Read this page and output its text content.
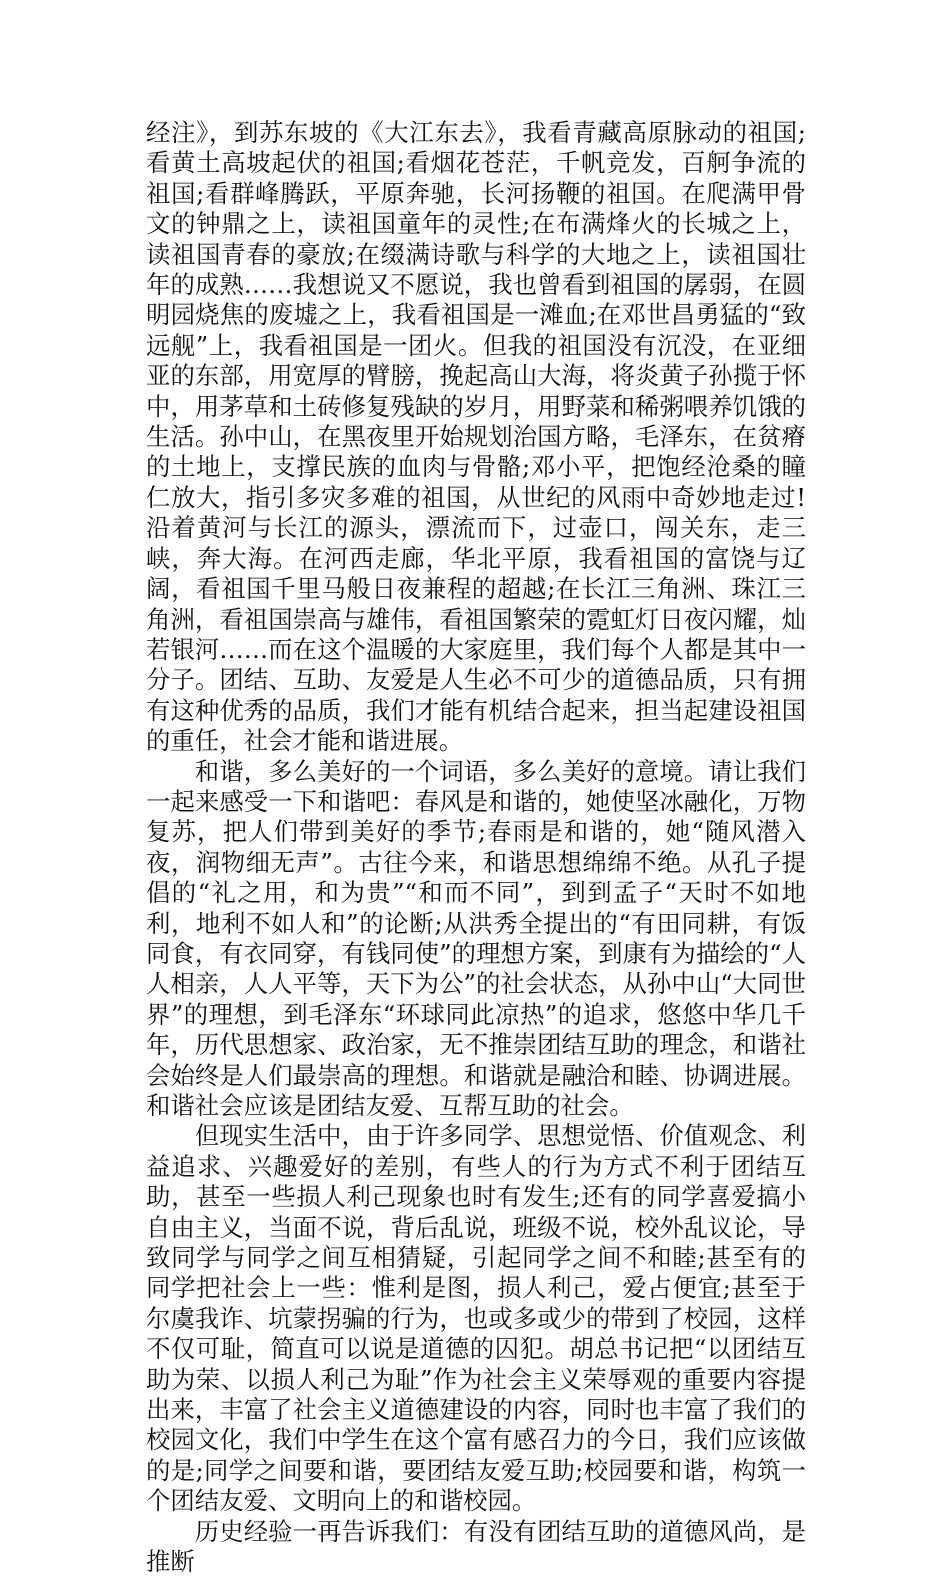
经注》，到苏东坡的《大江东去》，我看青藏高原脉动的祖国;看黄土高坡起伏的祖国;看烟花苍茫，千帆竞发，百舸争流的祖国;看群峰腾跃，平原奔驰，长河扬鞭的祖国。在爬满甲骨文的钟鼎之上，读祖国童年的灵性;在布满烽火的长城之上，读祖国青春的豪放;在缀满诗歌与科学的大地之上，读祖国壮年的成熟……我想说又不愿说，我也曾看到祖国的孱弱，在圆明园烧焦的废墟之上，我看祖国是一滩血;在邓世昌勇猛的“致远舰”上，我看祖国是一团火。但我的祖国没有沉没，在亚细亚的东部，用宽厚的臂膀，挽起高山大海，将炎黄子孙揽于怀中，用茅草和土砖修复残缺的岁月，用野菜和稀粥喂养饥饿的生活。孙中山，在黑夜里开始规划治国方略，毛泽东，在贫瘠的土地上，支撑民族的血肉与骨骼;邓小平，把饱经沧桑的瞳仁放大，指引多灾多难的祖国，从世纪的风雨中奇妙地走过!沿着黄河与长江的源头，漂流而下，过壶口，闯关东，走三峡，奔大海。在河西走廊，华北平原，我看祖国的富饶与辽阔，看祖国千里马般日夜兼程的超越;在长江三角洲、珠江三角洲，看祖国崇高与雄伟，看祖国繁荣的霓虹灯日夜闪耀，灿若银河……而在这个温暖的大家庭里，我们每个人都是其中一分子。团结、互助、友爱是人生必不可少的道德品质，只有拥有这种优秀的品质，我们才能有机结合起来，担当起建设祖国的重任，社会才能和谐进展。

和谐，多么美好的一个词语，多么美好的意境。请让我们一起来感受一下和谐吧：春风是和谐的，她使坚冰融化，万物复苏，把人们带到美好的季节;春雨是和谐的，她“随风潜入夜，润物细无声”。古往今来，和谐思想绵绵不绝。从孔子提倡的“礼之用，和为贵”“和而不同”，到到孟子“天时不如地利，地利不如人和”的论断;从洪秀全提出的“有田同耕，有饭同食，有衣同穿，有钱同使”的理想方案，到康有为描绘的“人人相亲，人人平等，天下为公”的社会状态，从孙中山“大同世界”的理想，到毛泽东“环球同此凉热”的追求，悠悠中华几千年，历代思想家、政治家，无不推崇团结互助的理念，和谐社会始终是人们最崇高的理想。和谐就是融洽和睦、协调进展。和谐社会应该是团结友爱、互帮互助的社会。

但现实生活中，由于许多同学、思想觉悟、价值观念、利益追求、兴趣爱好的差别，有些人的行为方式不利于团结互助，甚至一些损人利己现象也时有发生;还有的同学喜爱搞小自由主义，当面不说，背后乱说，班级不说，校外乱议论，导致同学与同学之间互相猜疑，引起同学之间不和睦;甚至有的同学把社会上一些：惟利是图，损人利己，爱占便宜;甚至于尔虞我诈、坑蒙拐骗的行为，也或多或少的带到了校园，这样不仅可耻，简直可以说是道德的囚犯。胡总书记把“以团结互助为荣、以损人利己为耻”作为社会主义荣辱观的重要内容提出来，丰富了社会主义道德建设的内容，同时也丰富了我们的校园文化，我们中学生在这个富有感召力的今日，我们应该做的是;同学之间要和谐，要团结友爱互助;校园要和谐，构筑一个团结友爱、文明向上的和谐校园。

历史经验一再告诉我们：有没有团结互助的道德风尚，是推断
